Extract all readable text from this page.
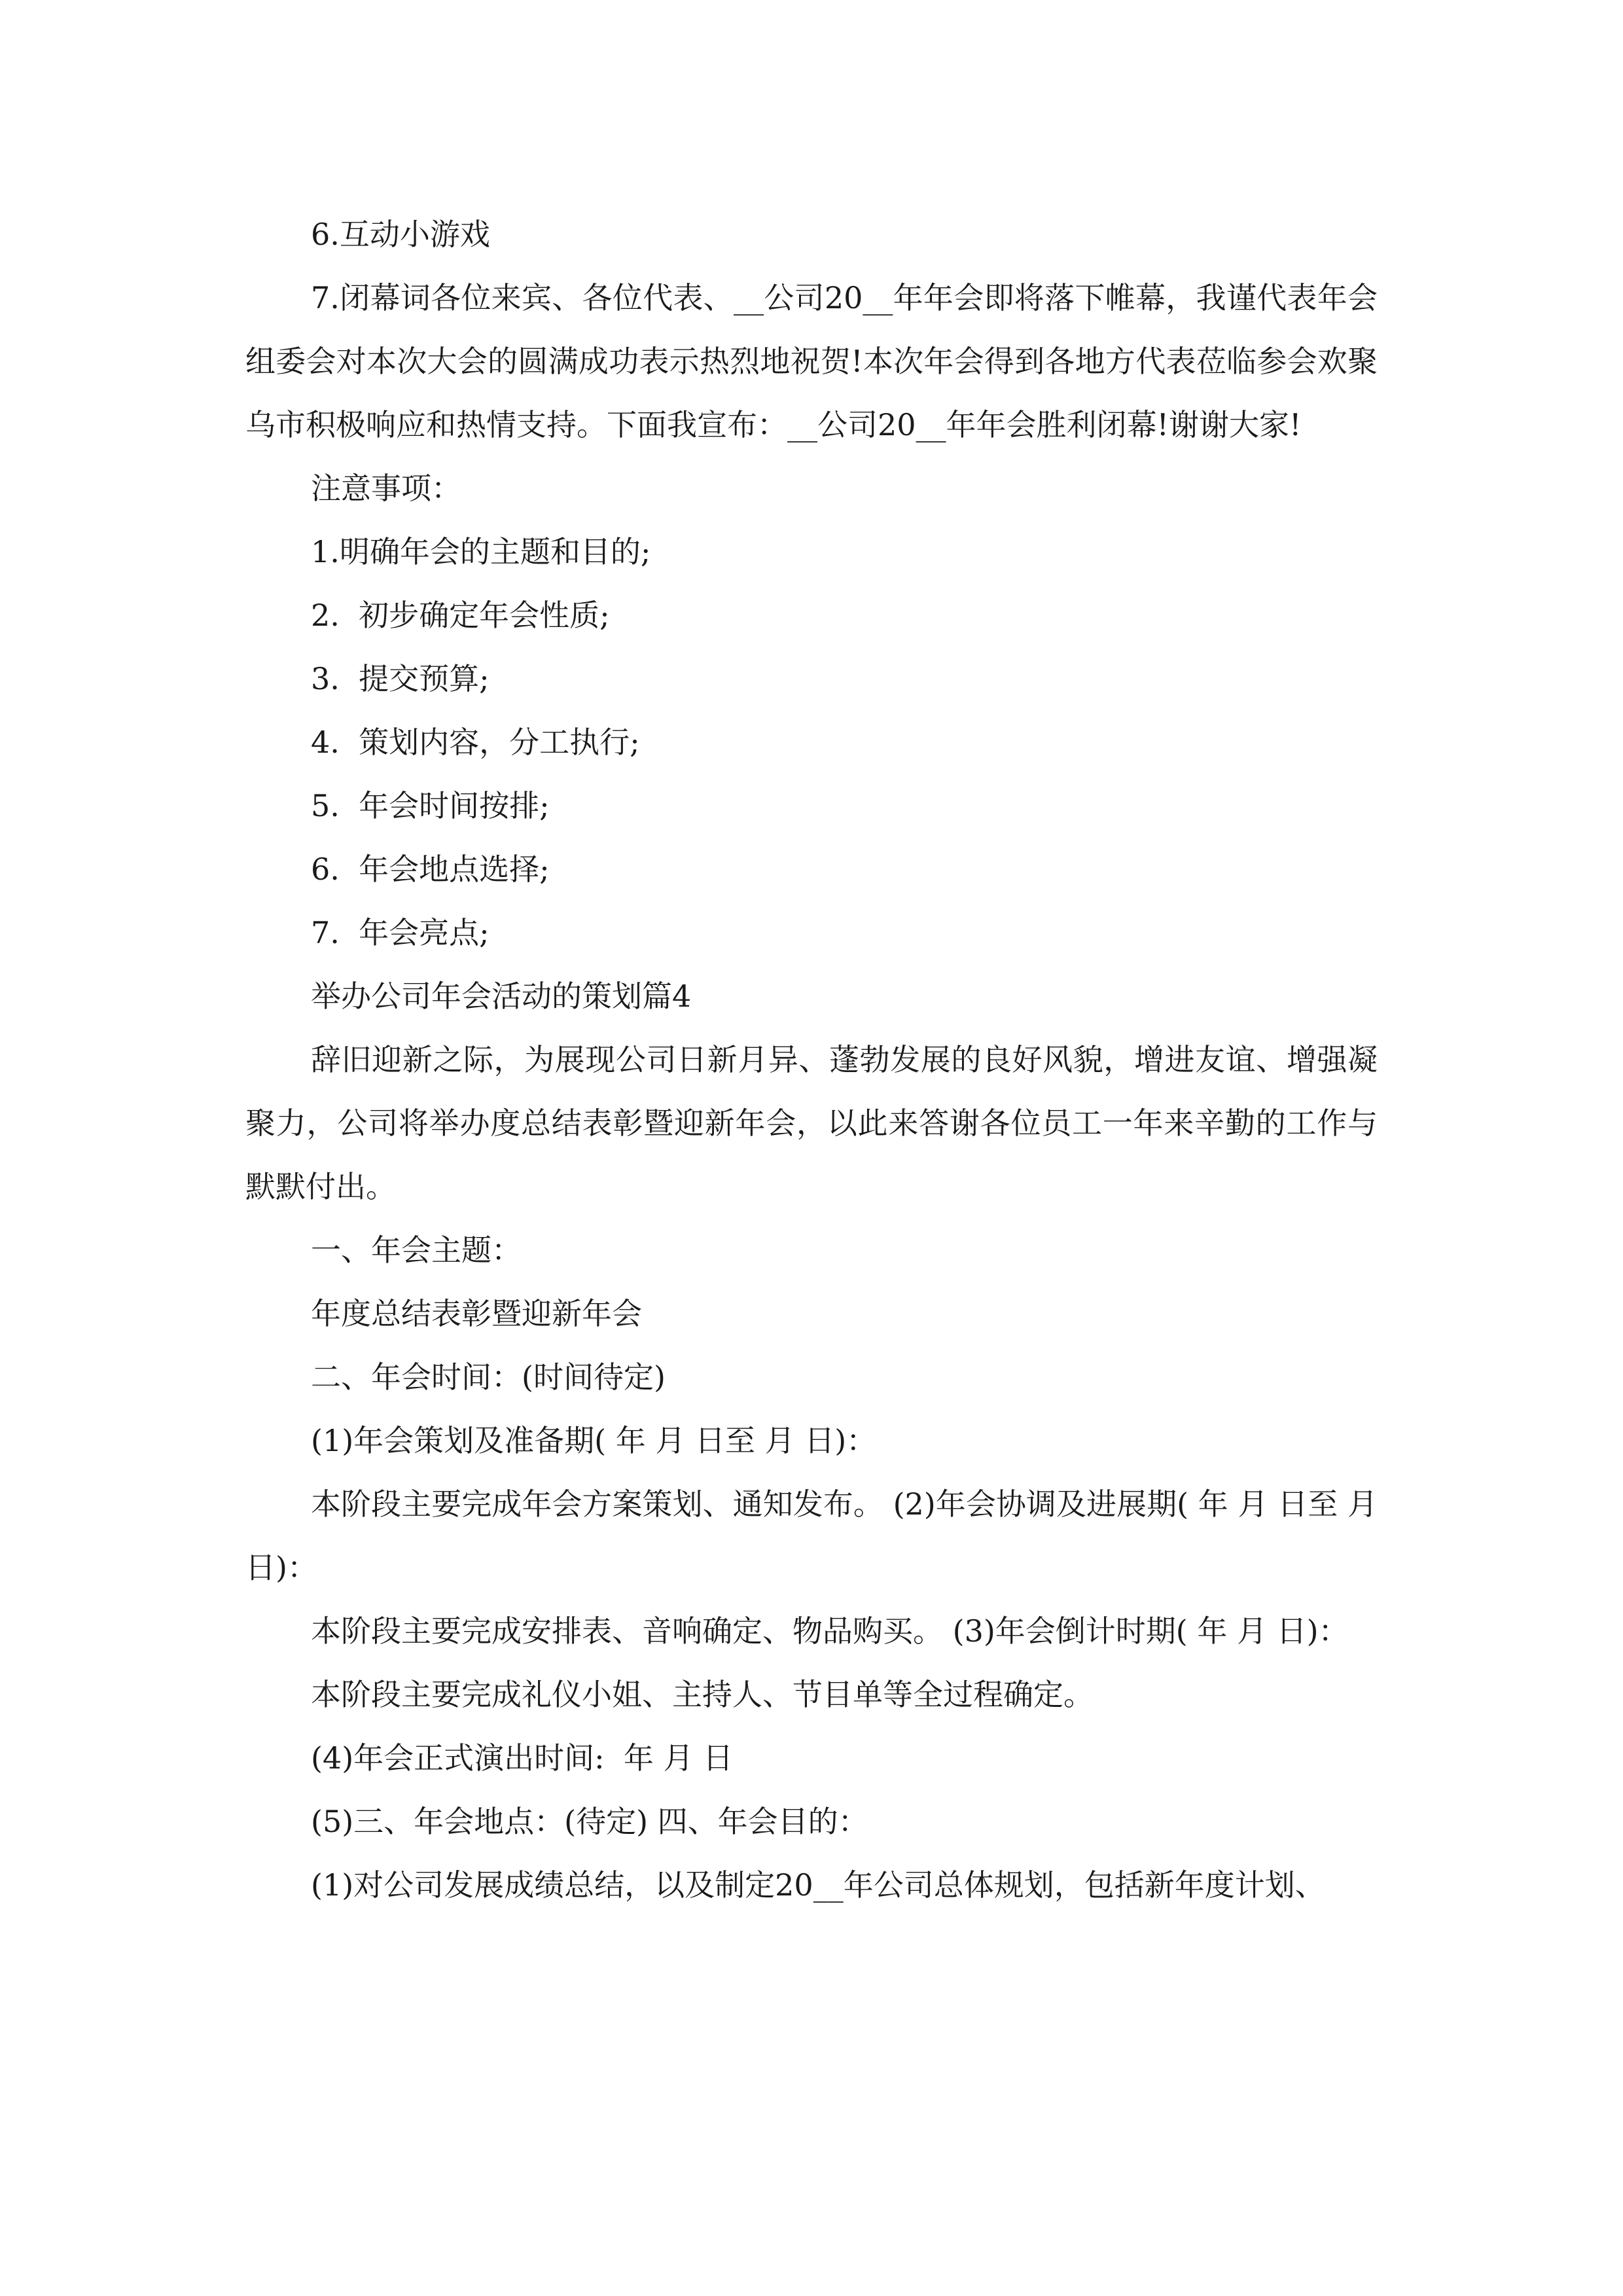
6.互动小游戏

7.闭幕词各位来宾、各位代表、__公司20__年年会即将落下帷幕，我谨代表年会组委会对本次大会的圆满成功表示热烈地祝贺!本次年会得到各地方代表莅临参会欢聚乌市积极响应和热情支持。下面我宣布：__公司20__年年会胜利闭幕!谢谢大家!

注意事项：

1.明确年会的主题和目的;

2.  初步确定年会性质;

3.  提交预算;

4.  策划内容，分工执行;

5.  年会时间按排;

6.  年会地点选择;

7.  年会亮点;

举办公司年会活动的策划篇4

辞旧迎新之际，为展现公司日新月异、蓬勃发展的良好风貌，增进友谊、增强凝聚力，公司将举办度总结表彰暨迎新年会，以此来答谢各位员工一年来辛勤的工作与默默付出。

一、年会主题：

年度总结表彰暨迎新年会

二、年会时间：(时间待定)

(1)年会策划及准备期( 年 月 日至 月 日)：

本阶段主要完成年会方案策划、通知发布。 (2)年会协调及进展期( 年 月 日至 月 日)：

本阶段主要完成安排表、音响确定、物品购买。 (3)年会倒计时期( 年 月 日)：

本阶段主要完成礼仪小姐、主持人、节目单等全过程确定。

(4)年会正式演出时间:  年 月 日

(5)三、年会地点：(待定) 四、年会目的：

(1)对公司发展成绩总结，以及制定20__年公司总体规划，包括新年度计划、
